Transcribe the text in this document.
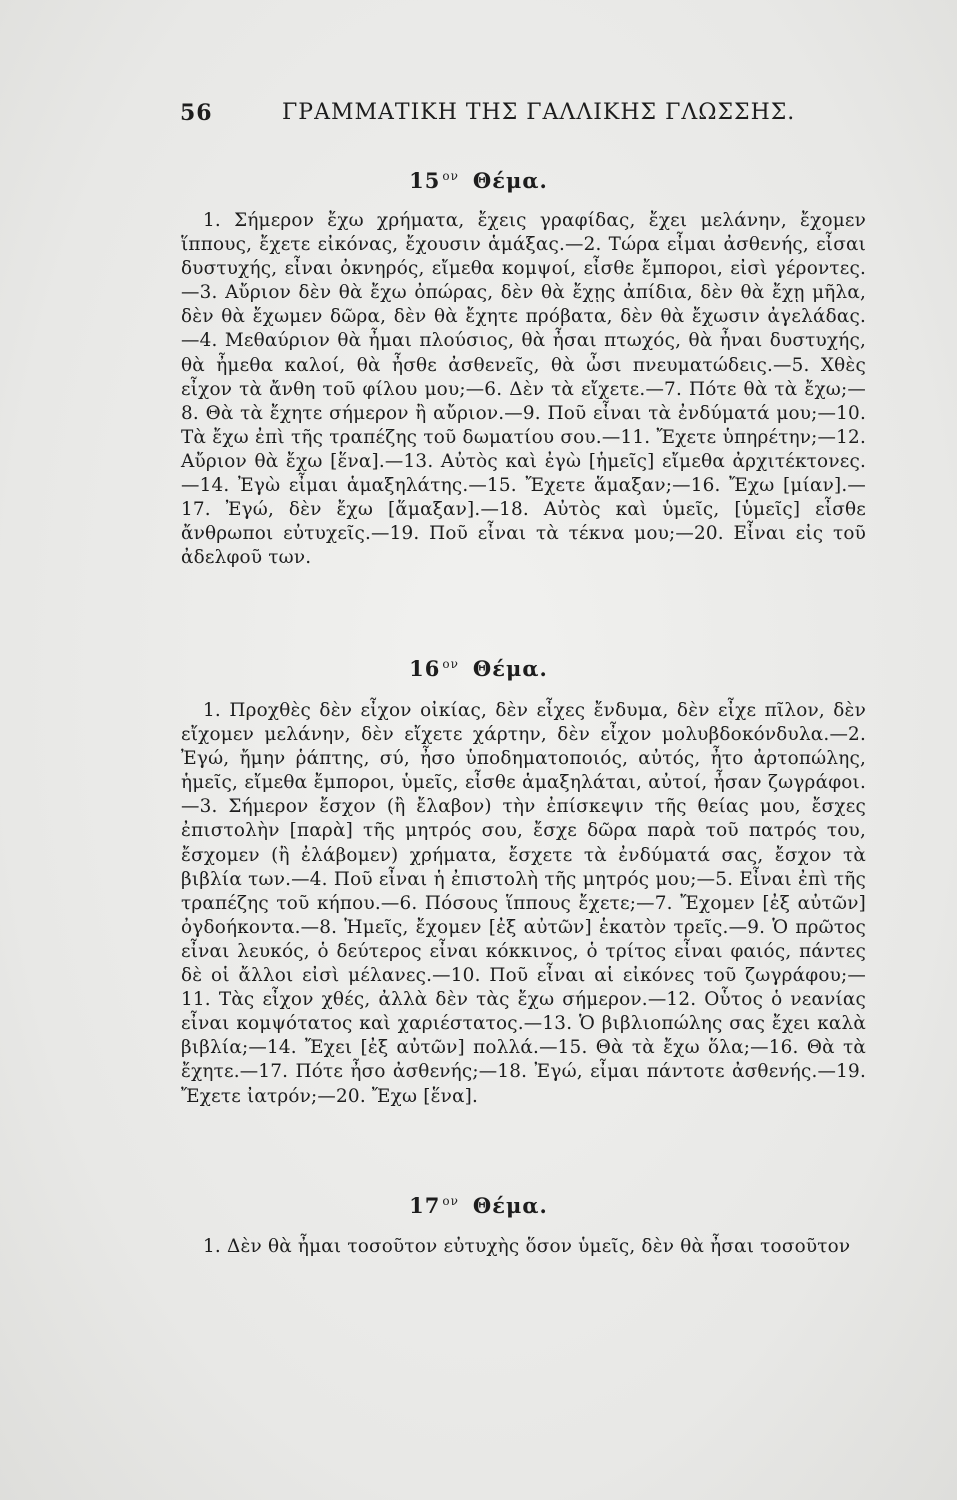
56	ΓΡΑΜΜΑΤΙΚΗ ΤΗΣ ΓΑΛΛΙΚΗΣ ΓΛΩΣΣΗΣ.
15 $^{o\nu}$ Θέμα.
1. Σήμερον ἔχω χρήματα, ἔχεις γραφίδας, ἔχει μελάνην, ἔχομεν ἵππους, ἔχετε εἰκόνας, ἔχουσιν ἁμάξας.—2. Τώρα εἶμαι ἀσθενής, εἶσαι δυστυχής, εἶναι ὀκνηρός, εἴμεθα κομψοί, εἶσθε ἔμποροι, εἰσὶ γέροντες.—3. Αὔριον δὲν θὰ ἔχω ὀπώρας, δὲν θὰ ἔχῃς ἀπίδια, δὲν θὰ ἔχῃ μῆλα, δὲν θὰ ἔχωμεν δῶρα, δὲν θὰ ἔχητε πρόβατα, δὲν θὰ ἔχωσιν ἀγελάδας.—4. Μεθαύριον θὰ ἦμαι πλούσιος, θὰ ἦσαι πτωχός, θὰ ἦναι δυστυχής, θὰ ἦμεθα καλοί, θὰ ἦσθε ἀσθενεῖς, θὰ ὦσι πνευματώδεις.—5. Χθὲς εἶχον τὰ ἄνθη τοῦ φίλου μου;—6. Δὲν τὰ εἴχετε.—7. Πότε θὰ τὰ ἔχω;—8. Θὰ τὰ ἔχητε σήμερον ἢ αὔριον.—9. Ποῦ εἶναι τὰ ἐνδύματά μου;—10. Τὰ ἔχω ἐπὶ τῆς τραπέζης τοῦ δωματίου σου.—11. Ἔχετε ὑπηρέτην;—12. Αὔριον θὰ ἔχω [ἕνα].—13. Αὐτὸς καὶ ἐγὼ [ἡμεῖς] εἴμεθα ἀρχιτέκτονες.—14. Ἐγὼ εἶμαι ἁμαξηλάτης.—15. Ἔχετε ἅμαξαν;—16. Ἔχω [μίαν].—17. Ἐγώ, δὲν ἔχω [ἅμαξαν].—18. Αὐτὸς καὶ ὑμεῖς, [ὑμεῖς] εἶσθε ἄνθρωποι εὐτυχεῖς.—19. Ποῦ εἶναι τὰ τέκνα μου;—20. Εἶναι εἰς τοῦ ἀδελφοῦ των.
16 $^{o\nu}$ Θέμα.
1. Προχθὲς δὲν εἶχον οἰκίας, δὲν εἶχες ἔνδυμα, δὲν εἶχε πῖλον, δὲν εἴχομεν μελάνην, δὲν εἴχετε χάρτην, δὲν εἶχον μολυβδοκόνδυλα.—2. Ἐγώ, ἤμην ῥάπτης, σύ, ἦσο ὑποδηματοποιός, αὐτός, ἦτο ἀρτοπώλης, ἡμεῖς, εἴμεθα ἔμποροι, ὑμεῖς, εἶσθε ἁμαξηλάται, αὐτοί, ἦσαν ζωγράφοι.—3. Σήμερον ἔσχον (ἢ ἔλαβον) τὴν ἐπίσκεψιν τῆς θείας μου, ἔσχες ἐπιστολὴν [παρὰ] τῆς μητρός σου, ἔσχε δῶρα παρὰ τοῦ πατρός του, ἔσχομεν (ἢ ἐλάβομεν) χρήματα, ἔσχετε τὰ ἐνδύματά σας, ἔσχον τὰ βιβλία των.—4. Ποῦ εἶναι ἡ ἐπιστολὴ τῆς μητρός μου;—5. Εἶναι ἐπὶ τῆς τραπέζης τοῦ κήπου.—6. Πόσους ἵππους ἔχετε;—7. Ἔχομεν [ἐξ αὐτῶν] ὀγδοήκοντα.—8. Ἡμεῖς, ἔχομεν [ἐξ αὐτῶν] ἑκατὸν τρεῖς.—9. Ὁ πρῶτος εἶναι λευκός, ὁ δεύτερος εἶναι κόκκινος, ὁ τρίτος εἶναι φαιός, πάντες δὲ οἱ ἄλλοι εἰσὶ μέλανες.—10. Ποῦ εἶναι αἱ εἰκόνες τοῦ ζωγράφου;—11. Τὰς εἶχον χθές, ἀλλὰ δὲν τὰς ἔχω σήμερον.—12. Οὗτος ὁ νεανίας εἶναι κομψότατος καὶ χαριέστατος.—13. Ὁ βιβλιοπώλης σας ἔχει καλὰ βιβλία;—14. Ἔχει [ἐξ αὐτῶν] πολλά.—15. Θὰ τὰ ἔχω ὅλα;—16. Θὰ τὰ ἔχητε.—17. Πότε ἦσο ἀσθενής;—18. Ἐγώ, εἶμαι πάντοτε ἀσθενής.—19. Ἔχετε ἰατρόν;—20. Ἔχω [ἕνα].
17 $^{o\nu}$ Θέμα.
1. Δὲν θὰ ἦμαι τοσοῦτον εὐτυχὴς ὅσον ὑμεῖς, δὲν θὰ ἦσαι τοσοῦτον
